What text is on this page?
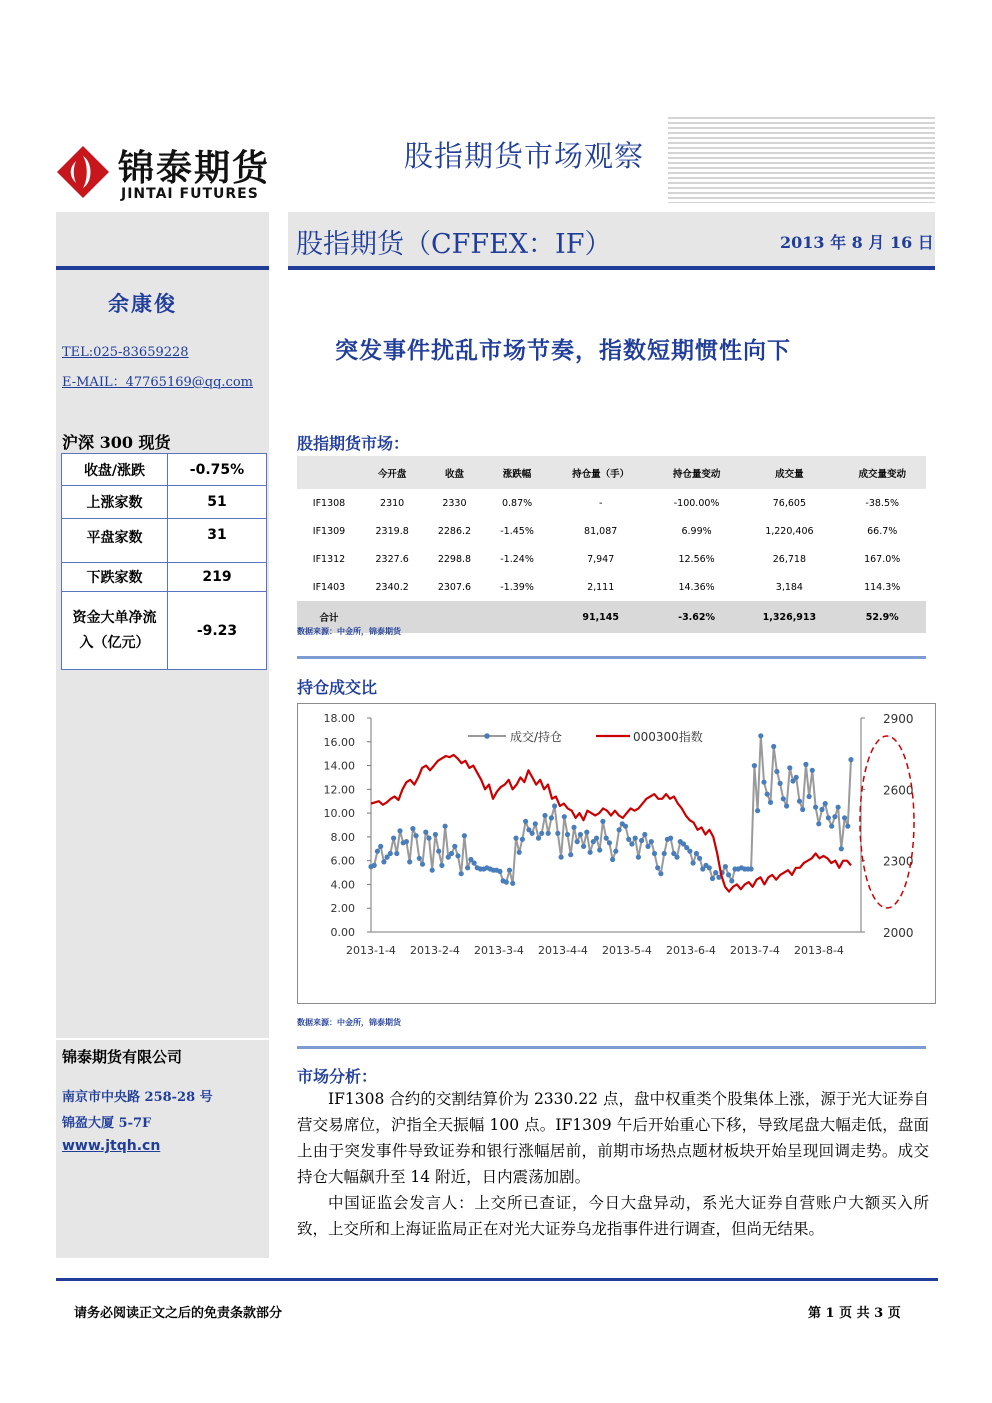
锦泰期货
JINTAI FUTURES
股指期货市场观察
股指期货（CFFEX：IF）	2013 年 8 月 16 日
余康俊
TEL:025-83659228
E-MAIL：47765169@qq.com
沪深 300 现货
收盘/涨跌	-0.75%
上涨家数	51
平盘家数	31
下跌家数	219
资金大单净流入（亿元）	-9.23
锦泰期货有限公司
南京市中央路 258-28 号
锦盈大厦 5-7F
www.jtqh.cn
突发事件扰乱市场节奏，指数短期惯性向下
股指期货市场：
	今开盘	收盘	涨跌幅	持仓量（手）	持仓量变动	成交量	成交量变动
IF1308	2310	2330	0.87%	-	-100.00%	76,605	-38.5%
IF1309	2319.8	2286.2	-1.45%	81,087	6.99%	1,220,406	66.7%
IF1312	2327.6	2298.8	-1.24%	7,947	12.56%	26,718	167.0%
IF1403	2340.2	2307.6	-1.39%	2,111	14.36%	3,184	114.3%
合计				91,145	-3.62%	1,326,913	52.9%
数据来源：中金所，锦泰期货
持仓成交比
18.00
16.00
14.00
12.00
10.00
8.00
6.00
4.00
2.00
0.00
2900
2600
2300
2000
2013-1-4 2013-2-4 2013-3-4 2013-4-4 2013-5-4 2013-6-4 2013-7-4 2013-8-4
成交/持仓	000300指数
数据来源：中金所，锦泰期货
市场分析：
IF1308 合约的交割结算价为 2330.22 点，盘中权重类个股集体上涨，源于光大证券自营交易席位，沪指全天振幅 100 点。IF1309 午后开始重心下移，导致尾盘大幅走低，盘面上由于突发事件导致证券和银行涨幅居前，前期市场热点题材板块开始呈现回调走势。成交持仓大幅飙升至 14 附近，日内震荡加剧。
中国证监会发言人：上交所已查证，今日大盘异动，系光大证券自营账户大额买入所致，上交所和上海证监局正在对光大证券乌龙指事件进行调查，但尚无结果。
请务必阅读正文之后的免责条款部分	第 1 页 共 3 页
